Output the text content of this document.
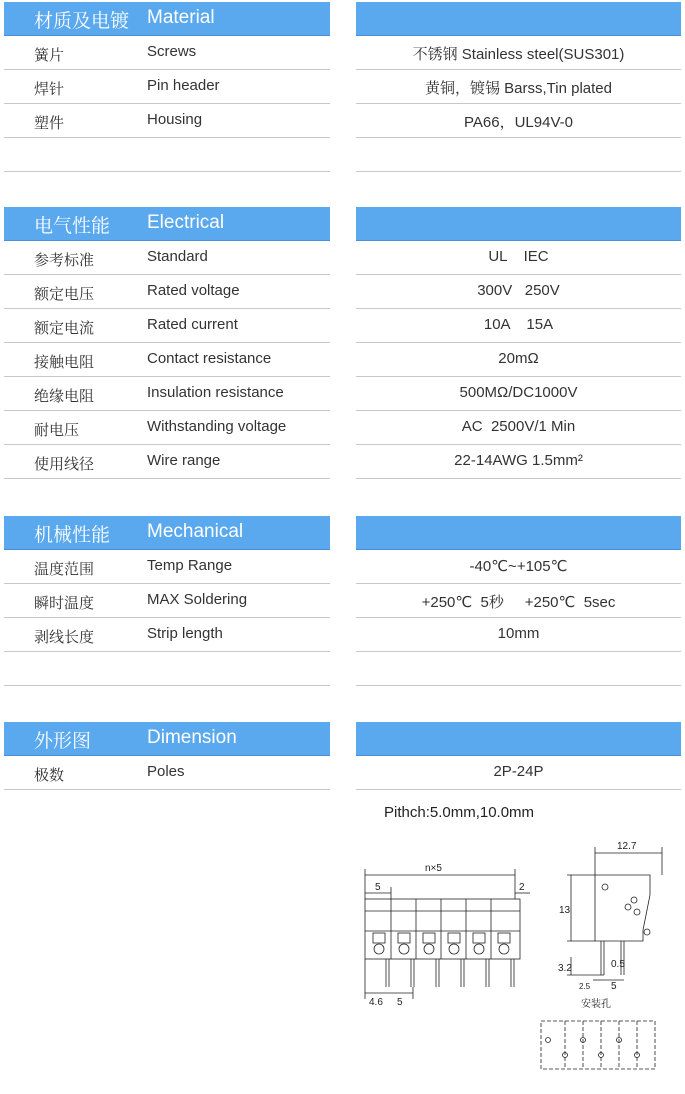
材质及电镀 Material
簧片	Screws	不锈钢 Stainless steel(SUS301)
焊针	Pin header	黄铜，镀锡 Barss,Tin plated
塑件	Housing	PA66，UL94V-0
电气性能 Electrical
参考标准	Standard	UL    IEC
额定电压	Rated voltage	300V   250V
额定电流	Rated current	10A    15A
接触电阻	Contact resistance	20mΩ
绝缘电阻	Insulation resistance	500MΩ/DC1000V
耐电压	Withstanding voltage	AC  2500V/1 Min
使用线径	Wire range	22-14AWG 1.5mm²
机械性能 Mechanical
温度范围	Temp Range	-40℃~+105℃
瞬时温度	MAX Soldering	+250℃  5秒     +250℃  5sec
剥线长度	Strip length	10mm
外形图	Dimension
极数	Poles	2P-24P
Pithch:5.0mm,10.0mm
n×5
5	2
4.6 5
12.7
13
3.2
2.5 5
0.5
安装孔
